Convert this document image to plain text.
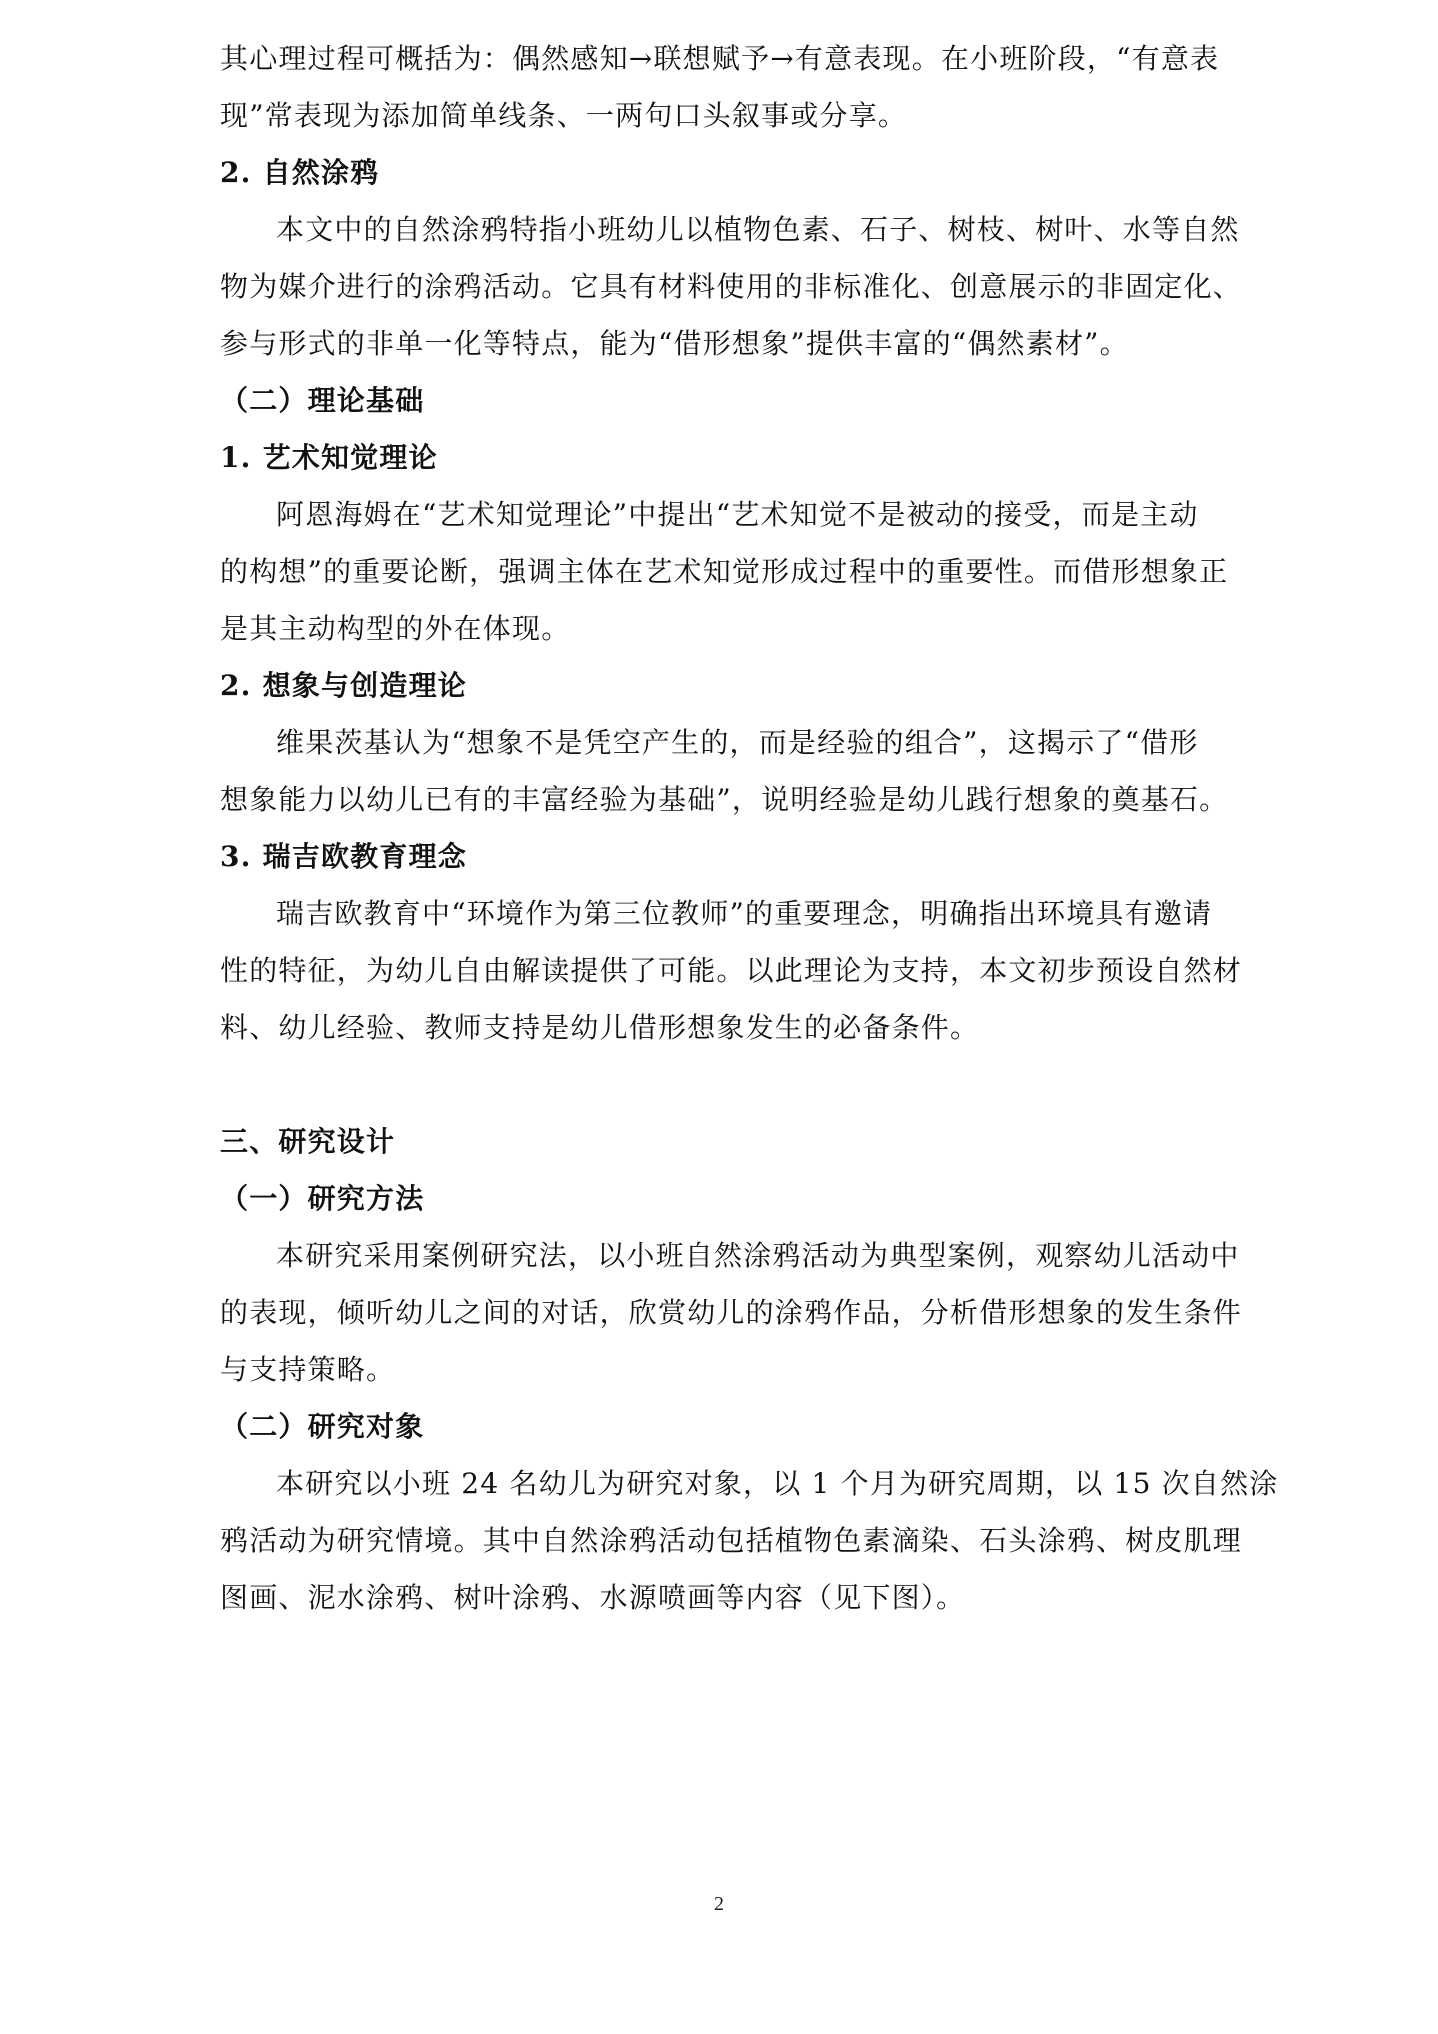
其心理过程可概括为：偶然感知→联想赋予→有意表现。在小班阶段，“有意表
现”常表现为添加简单线条、一两句口头叙事或分享。
2. 自然涂鸦
本文中的自然涂鸦特指小班幼儿以植物色素、石子、树枝、树叶、水等自然
物为媒介进行的涂鸦活动。它具有材料使用的非标准化、创意展示的非固定化、
参与形式的非单一化等特点，能为“借形想象”提供丰富的“偶然素材”。
（二）理论基础
1. 艺术知觉理论
阿恩海姆在“艺术知觉理论”中提出“艺术知觉不是被动的接受，而是主动
的构想”的重要论断，强调主体在艺术知觉形成过程中的重要性。而借形想象正
是其主动构型的外在体现。
2. 想象与创造理论
维果茨基认为“想象不是凭空产生的，而是经验的组合”，这揭示了“借形
想象能力以幼儿已有的丰富经验为基础”，说明经验是幼儿践行想象的奠基石。
3. 瑞吉欧教育理念
瑞吉欧教育中“环境作为第三位教师”的重要理念，明确指出环境具有邀请
性的特征，为幼儿自由解读提供了可能。以此理论为支持，本文初步预设自然材
料、幼儿经验、教师支持是幼儿借形想象发生的必备条件。
三、研究设计
（一）研究方法
本研究采用案例研究法，以小班自然涂鸦活动为典型案例，观察幼儿活动中
的表现，倾听幼儿之间的对话，欣赏幼儿的涂鸦作品，分析借形想象的发生条件
与支持策略。
（二）研究对象
本研究以小班 24 名幼儿为研究对象，以 1 个月为研究周期，以 15 次自然涂
鸦活动为研究情境。其中自然涂鸦活动包括植物色素滴染、石头涂鸦、树皮肌理
图画、泥水涂鸦、树叶涂鸦、水源喷画等内容（见下图）。
2
